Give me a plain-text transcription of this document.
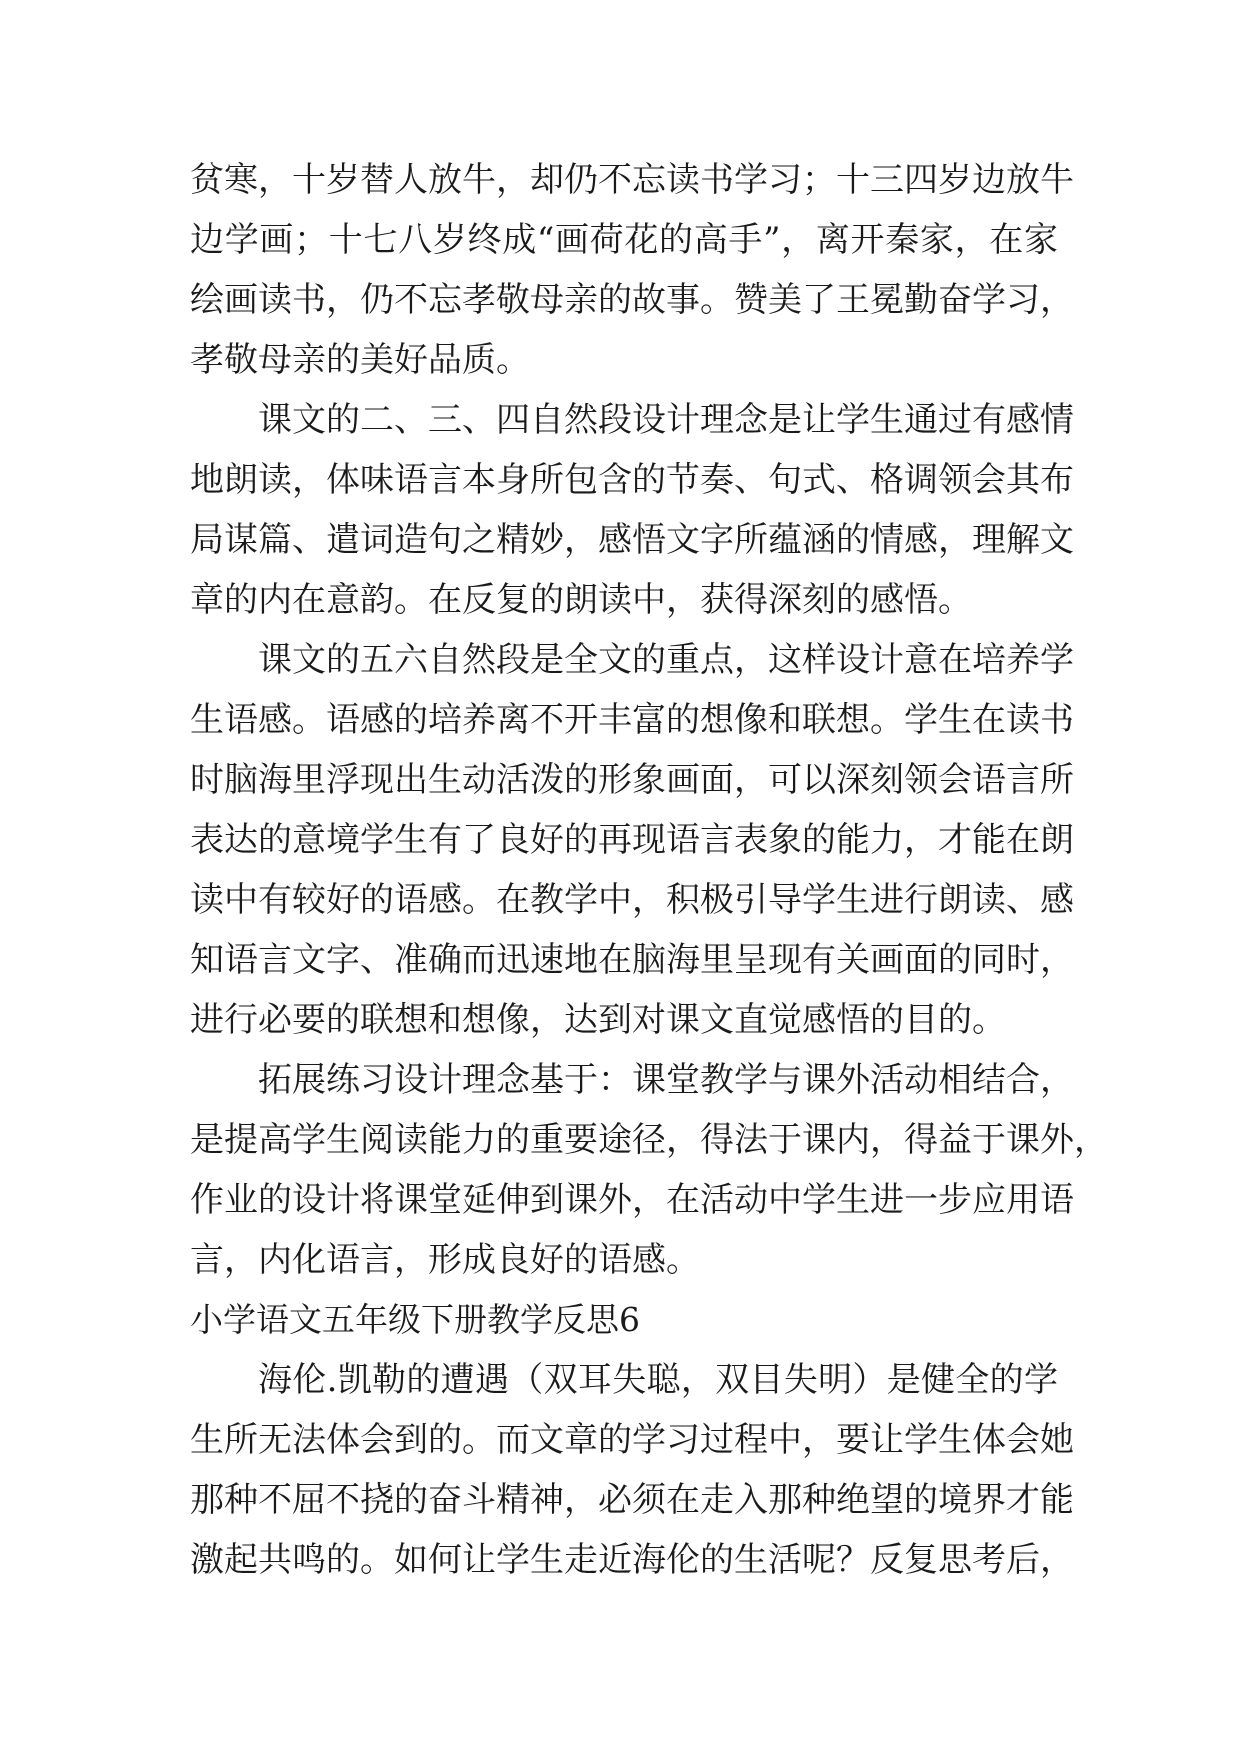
贫寒，十岁替人放牛，却仍不忘读书学习；十三四岁边放牛
边学画；十七八岁终成“画荷花的高手”，离开秦家，在家
绘画读书，仍不忘孝敬母亲的故事。赞美了王冕勤奋学习，
孝敬母亲的美好品质。
课文的二、三、四自然段设计理念是让学生通过有感情
地朗读，体味语言本身所包含的节奏、句式、格调领会其布
局谋篇、遣词造句之精妙，感悟文字所蕴涵的情感，理解文
章的内在意韵。在反复的朗读中，获得深刻的感悟。
课文的五六自然段是全文的重点，这样设计意在培养学
生语感。语感的培养离不开丰富的想像和联想。学生在读书
时脑海里浮现出生动活泼的形象画面，可以深刻领会语言所
表达的意境学生有了良好的再现语言表象的能力，才能在朗
读中有较好的语感。在教学中，积极引导学生进行朗读、感
知语言文字、准确而迅速地在脑海里呈现有关画面的同时，
进行必要的联想和想像，达到对课文直觉感悟的目的。
拓展练习设计理念基于：课堂教学与课外活动相结合，
是提高学生阅读能力的重要途径，得法于课内，得益于课外，
作业的设计将课堂延伸到课外，在活动中学生进一步应用语
言，内化语言，形成良好的语感。
小学语文五年级下册教学反思6
海伦.凯勒的遭遇（双耳失聪，双目失明）是健全的学
生所无法体会到的。而文章的学习过程中，要让学生体会她
那种不屈不挠的奋斗精神，必须在走入那种绝望的境界才能
激起共鸣的。如何让学生走近海伦的生活呢？反复思考后，
